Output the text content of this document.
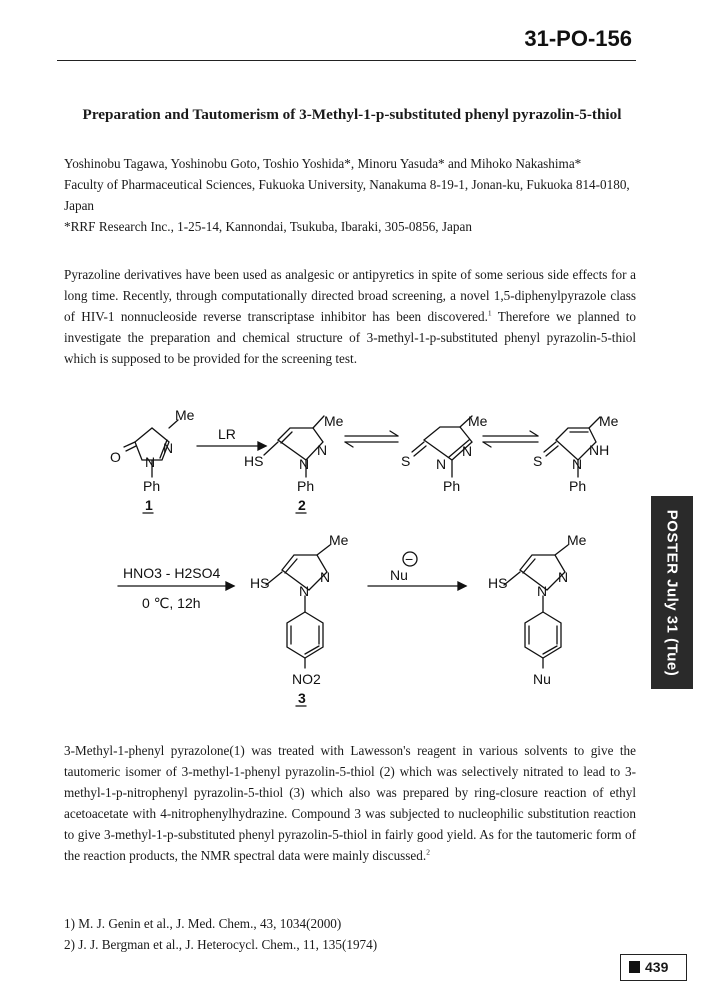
31-PO-156
Preparation and Tautomerism of 3-Methyl-1-p-substituted phenyl pyrazolin-5-thiol
Yoshinobu Tagawa, Yoshinobu Goto, Toshio Yoshida*, Minoru Yasuda* and Mihoko Nakashima*
Faculty of Pharmaceutical Sciences, Fukuoka University, Nanakuma 8-19-1, Jonan-ku, Fukuoka 814-0180, Japan
*RRF Research Inc., 1-25-14, Kannondai, Tsukuba, Ibaraki, 305-0856, Japan
Pyrazoline derivatives have been used as analgesic or antipyretics in spite of some serious side effects for a long time. Recently, through computationally directed broad screening, a novel 1,5-diphenylpyrazole class of HIV-1 nonnucleoside reverse transcriptase inhibitor has been discovered.$^1$ Therefore we planned to investigate the preparation and chemical structure of 3-methyl-1-p-substituted phenyl pyrazolin-5-thiol which is supposed to be provided for the screening test.
Me
N
N
O
Ph
1
LR
Me
N
N
HS
Ph
2
Me
N
N
S
Ph
Me
NH
N
S
Ph
HNO3 - H2SO4
0 ℃, 12h
Me
N
N
HS
NO2
3
−
Nu
Me
N
N
HS
Nu
3-Methyl-1-phenyl pyrazolone(1) was treated with Lawesson's reagent in various solvents to give the tautomeric isomer of 3-methyl-1-phenyl pyrazolin-5-thiol (2) which was selectively nitrated to lead to 3-methyl-1-p-nitrophenyl pyrazolin-5-thiol (3) which also was prepared by ring-closure reaction of ethyl acetoacetate with 4-nitrophenylhydrazine. Compound 3 was subjected to nucleophilic substitution reaction to give 3-methyl-1-p-substituted phenyl pyrazolin-5-thiol in fairly good yield. As for the tautomeric form of the reaction products, the NMR spectral data were mainly discussed.$^2$
1) M. J. Genin et al., J. Med. Chem., 43, 1034(2000)
2) J. J. Bergman et al., J. Heterocycl. Chem., 11, 135(1974)
POSTER July 31 (Tue)
439
